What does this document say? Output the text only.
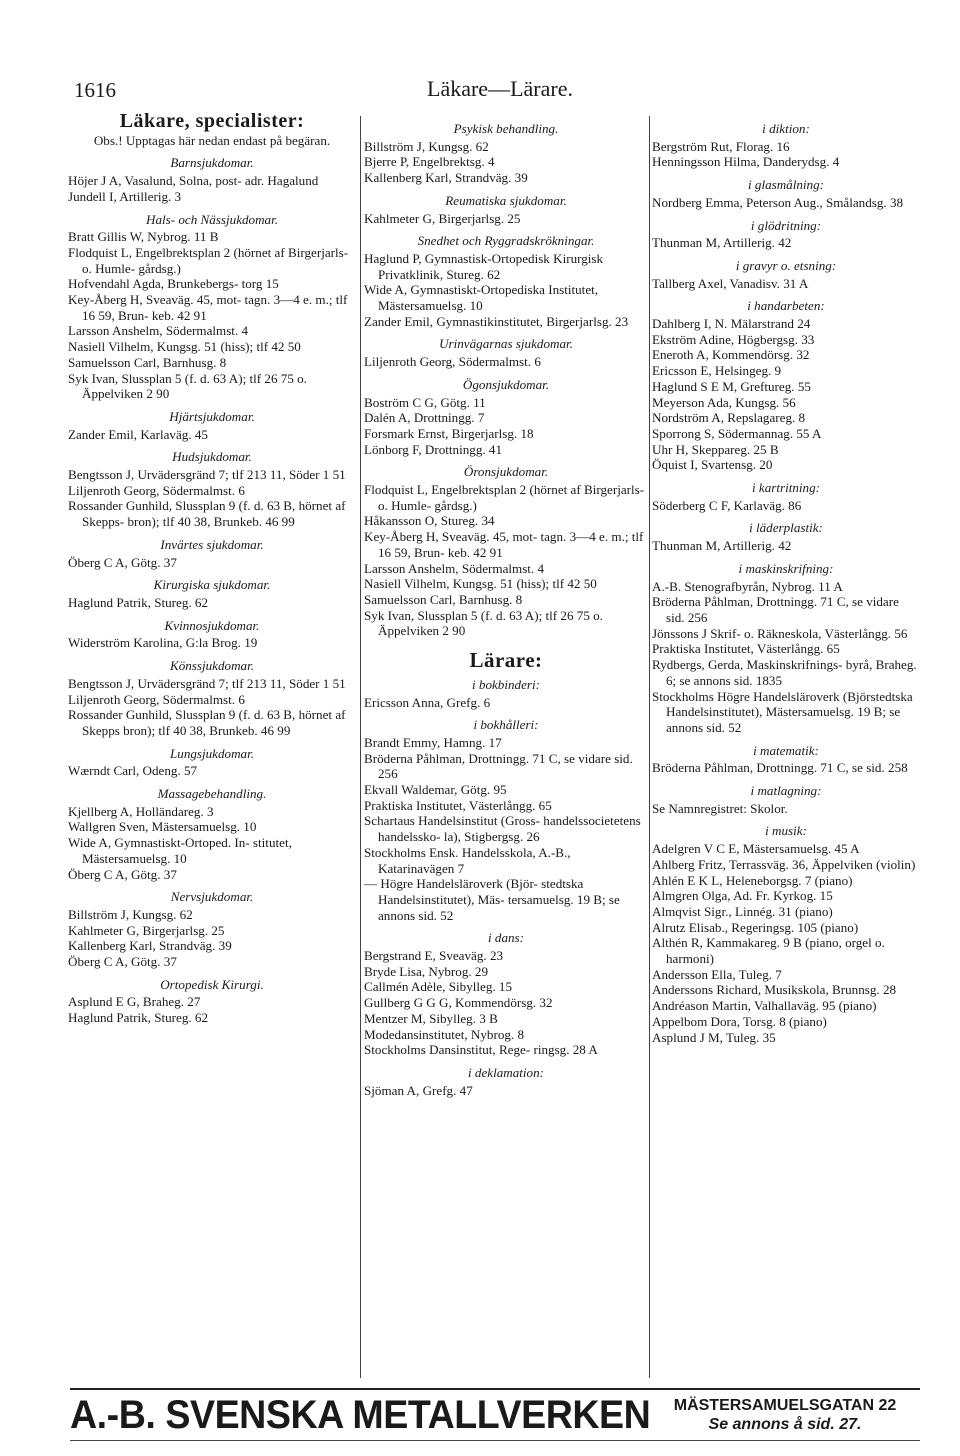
1616	Läkare—Lärare.
Läkare, specialister:
Obs.! Upptagas här nedan endast på begäran.
Barnsjukdomar.
Höjer J A, Vasalund, Solna, post- adr. Hagalund
Jundell I, Artillerig. 3
Hals- och Nässjukdomar.
Bratt Gillis W, Nybrog. 11 B
Flodquist L, Engelbrektsplan 2 (hörnet af Birgerjarls- o. Humle- gårdsg.)
Hofvendahl Agda, Brunkebergs- torg 15
Key-Åberg H, Sveaväg. 45, mot- tagn. 3—4 e. m.; tlf 16 59, Brun- keb. 42 91
Larsson Anshelm, Södermalmst. 4
Nasiell Vilhelm, Kungsg. 51 (hiss); tlf 42 50
Samuelsson Carl, Barnhusg. 8
Syk Ivan, Slussplan 5 (f. d. 63 A); tlf 26 75 o. Äppelviken 2 90
Hjärtsjukdomar.
Zander Emil, Karlaväg. 45
Hudsjukdomar.
Bengtsson J, Urvädersgränd 7; tlf 213 11, Söder 1 51
Liljenroth Georg, Södermalmst. 6
Rossander Gunhild, Slussplan 9 (f. d. 63 B, hörnet af Skepps- bron); tlf 40 38, Brunkeb. 46 99
Invärtes sjukdomar.
Öberg C A, Götg. 37
Kirurgiska sjukdomar.
Haglund Patrik, Stureg. 62
Kvinnosjukdomar.
Widerström Karolina, G:la Brog. 19
Könssjukdomar.
Bengtsson J, Urvädersgränd 7; tlf 213 11, Söder 1 51
Liljenroth Georg, Södermalmst. 6
Rossander Gunhild, Slussplan 9 (f. d. 63 B, hörnet af Skepps bron); tlf 40 38, Brunkeb. 46 99
Lungsjukdomar.
Wærndt Carl, Odeng. 57
Massagebehandling.
Kjellberg A, Holländareg. 3
Wallgren Sven, Mästersamuelsg. 10
Wide A, Gymnastiskt-Ortoped. In- stitutet, Mästersamuelsg. 10
Öberg C A, Götg. 37
Nervsjukdomar.
Billström J, Kungsg. 62
Kahlmeter G, Birgerjarlsg. 25
Kallenberg Karl, Strandväg. 39
Öberg C A, Götg. 37
Ortopedisk Kirurgi.
Asplund E G, Braheg. 27
Haglund Patrik, Stureg. 62
Psykisk behandling.
Billström J, Kungsg. 62
Bjerre P, Engelbrektsg. 4
Kallenberg Karl, Strandväg. 39
Reumatiska sjukdomar.
Kahlmeter G, Birgerjarlsg. 25
Snedhet och Ryggradskrökningar.
Haglund P, Gymnastisk-Ortopedisk Kirurgisk Privatklinik, Stureg. 62
Wide A, Gymnastiskt-Ortopediska Institutet, Mästersamuelsg. 10
Zander Emil, Gymnastikinstitutet, Birgerjarlsg. 23
Urinvägarnas sjukdomar.
Liljenroth Georg, Södermalmst. 6
Ögonsjukdomar.
Boström C G, Götg. 11
Dalén A, Drottningg. 7
Forsmark Ernst, Birgerjarlsg. 18
Lönborg F, Drottningg. 41
Öronsjukdomar.
Flodquist L, Engelbrektsplan 2 (hörnet af Birgerjarls- o. Humle- gårdsg.)
Håkansson O, Stureg. 34
Key-Åberg H, Sveaväg. 45, mot- tagn. 3—4 e. m.; tlf 16 59, Brun- keb. 42 91
Larsson Anshelm, Södermalmst. 4
Nasiell Vilhelm, Kungsg. 51 (hiss); tlf 42 50
Samuelsson Carl, Barnhusg. 8
Syk Ivan, Slussplan 5 (f. d. 63 A); tlf 26 75 o. Äppelviken 2 90
Lärare:
i bokbinderi:
Ericsson Anna, Grefg. 6
i bokhålleri:
Brandt Emmy, Hamng. 17
Bröderna Påhlman, Drottningg. 71 C, se vidare sid. 256
Ekvall Waldemar, Götg. 95
Praktiska Institutet, Västerlångg. 65
Schartaus Handelsinstitut (Gross- handelssocietetens handelssko- la), Stigbergsg. 26
Stockholms Ensk. Handelsskola, A.-B., Katarinavägen 7
— Högre Handelsläroverk (Björ- stedtska Handelsinstitutet), Mäs- tersamuelsg. 19 B; se annons sid. 52
i dans:
Bergstrand E, Sveaväg. 23
Bryde Lisa, Nybrog. 29
Callmén Adèle, Sibylleg. 15
Gullberg G G G, Kommendörsg. 32
Mentzer M, Sibylleg. 3 B
Modedansinstitutet, Nybrog. 8
Stockholms Dansinstitut, Rege- ringsg. 28 A
i deklamation:
Sjöman A, Grefg. 47
i diktion:
Bergström Rut, Florag. 16
Henningsson Hilma, Danderydsg. 4
i glasmålning:
Nordberg Emma, Peterson Aug., Smålandsg. 38
i glödritning:
Thunman M, Artillerig. 42
i gravyr o. etsning:
Tallberg Axel, Vanadisv. 31 A
i handarbeten:
Dahlberg I, N. Mälarstrand 24
Ekström Adine, Högbergsg. 33
Eneroth A, Kommendörsg. 32
Ericsson E, Helsingeg. 9
Haglund S E M, Greftureg. 55
Meyerson Ada, Kungsg. 56
Nordström A, Repslagareg. 8
Sporrong S, Södermannag. 55 A
Uhr H, Skeppareg. 25 B
Öquist I, Svartensg. 20
i kartritning:
Söderberg C F, Karlaväg. 86
i läderplastik:
Thunman M, Artillerig. 42
i maskinskrifning:
A.-B. Stenografbyrån, Nybrog. 11 A
Bröderna Påhlman, Drottningg. 71 C, se vidare sid. 256
Jönssons J Skrif- o. Räkneskola, Västerlångg. 56
Praktiska Institutet, Västerlångg. 65
Rydbergs, Gerda, Maskinskrifnings- byrå, Braheg. 6; se annons sid. 1835
Stockholms Högre Handelsläroverk (Björstedtska Handelsinstitutet), Mästersamuelsg. 19 B; se annons sid. 52
i matematik:
Bröderna Påhlman, Drottningg. 71 C, se sid. 258
i matlagning:
Se Namnregistret: Skolor.
i musik:
Adelgren V C E, Mästersamuelsg. 45 A
Ahlberg Fritz, Terrassväg. 36, Äppelviken (violin)
Ahlén E K L, Heleneborgsg. 7 (piano)
Almgren Olga, Ad. Fr. Kyrkog. 15
Almqvist Sigr., Linnég. 31 (piano)
Alrutz Elisab., Regeringsg. 105 (piano)
Althén R, Kammakareg. 9 B (piano, orgel o. harmoni)
Andersson Ella, Tuleg. 7
Anderssons Richard, Musikskola, Brunnsg. 28
Andréason Martin, Valhallaväg. 95 (piano)
Appelbom Dora, Torsg. 8 (piano)
Asplund J M, Tuleg. 35
A.-B. SVENSKA METALLVERKEN	MÄSTERSAMUELSGATAN 22
Se annons å sid. 27.
